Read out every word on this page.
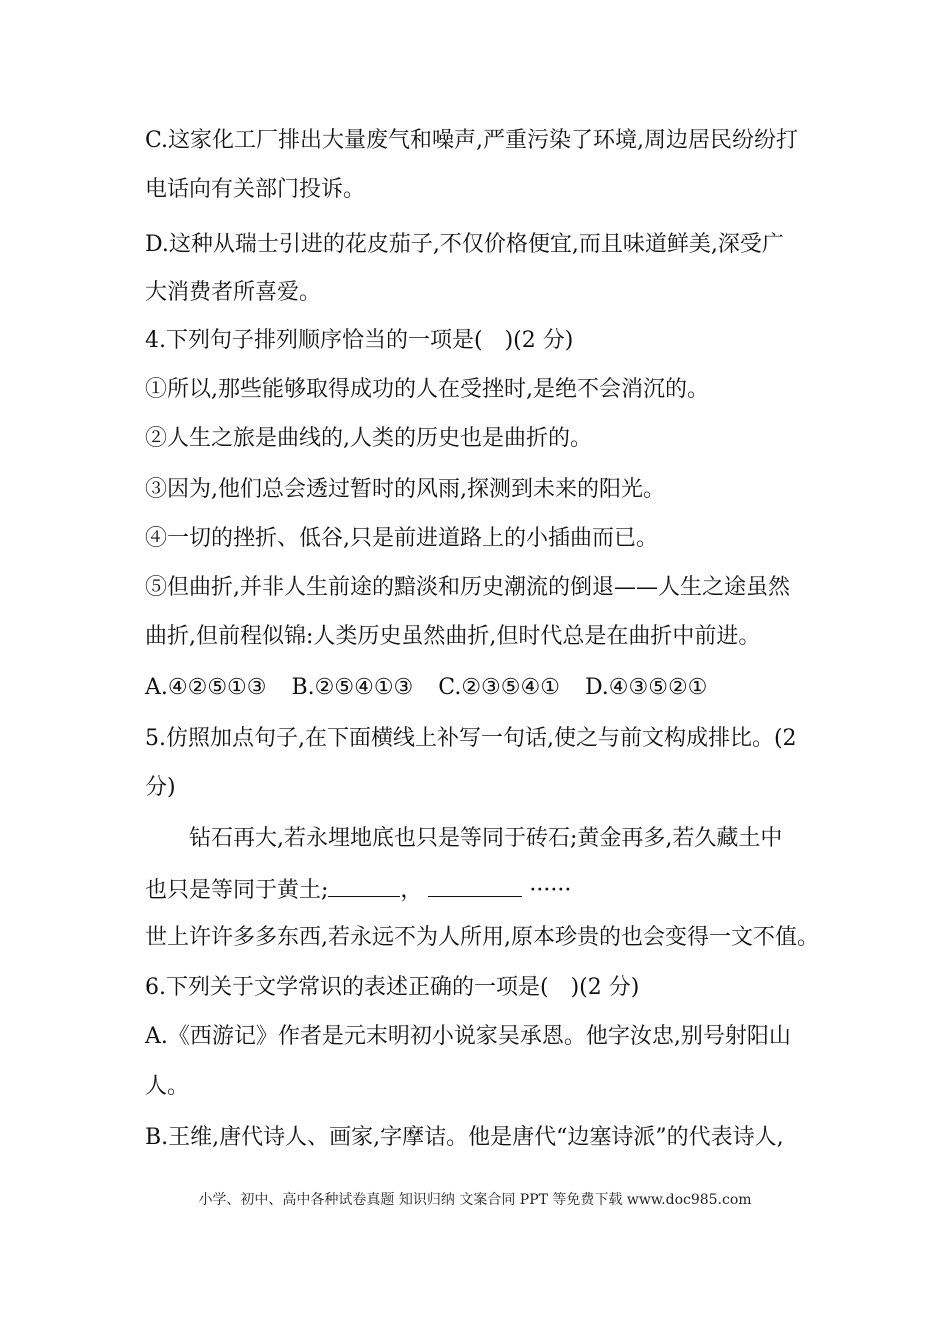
C.这家化工厂排出大量废气和噪声,严重污染了环境,周边居民纷纷打
电话向有关部门投诉。
D.这种从瑞士引进的花皮茄子,不仅价格便宜,而且味道鲜美,深受广
大消费者所喜爱。
4.下列句子排列顺序恰当的一项是(　)(2 分)
①所以,那些能够取得成功的人在受挫时,是绝不会消沉的。
②人生之旅是曲线的,人类的历史也是曲折的。
③因为,他们总会透过暂时的风雨,探测到未来的阳光。
④一切的挫折、低谷,只是前进道路上的小插曲而已。
⑤但曲折,并非人生前途的黯淡和历史潮流的倒退——人生之途虽然
曲折,但前程似锦:人类历史虽然曲折,但时代总是在曲折中前进。
A.④②⑤①③ B.②⑤④①③ C.②③⑤④① D.④③⑤②①
5.仿照加点句子,在下面横线上补写一句话,使之与前文构成排比。(2
分)
钻石再大,若永埋地底也只是等同于砖石;黄金再多,若久藏土中
也只是等同于黄土;	，	······
世上许许多多东西,若永远不为人所用,原本珍贵的也会变得一文不值。
6.下列关于文学常识的表述正确的一项是(　)(2 分)
A.《西游记》作者是元末明初小说家吴承恩。他字汝忠,别号射阳山
人。
B.王维,唐代诗人、画家,字摩诘。他是唐代“边塞诗派”的代表诗人,
小学、初中、高中各种试卷真题 知识归纳 文案合同 PPT 等免费下载 www.doc985.com
